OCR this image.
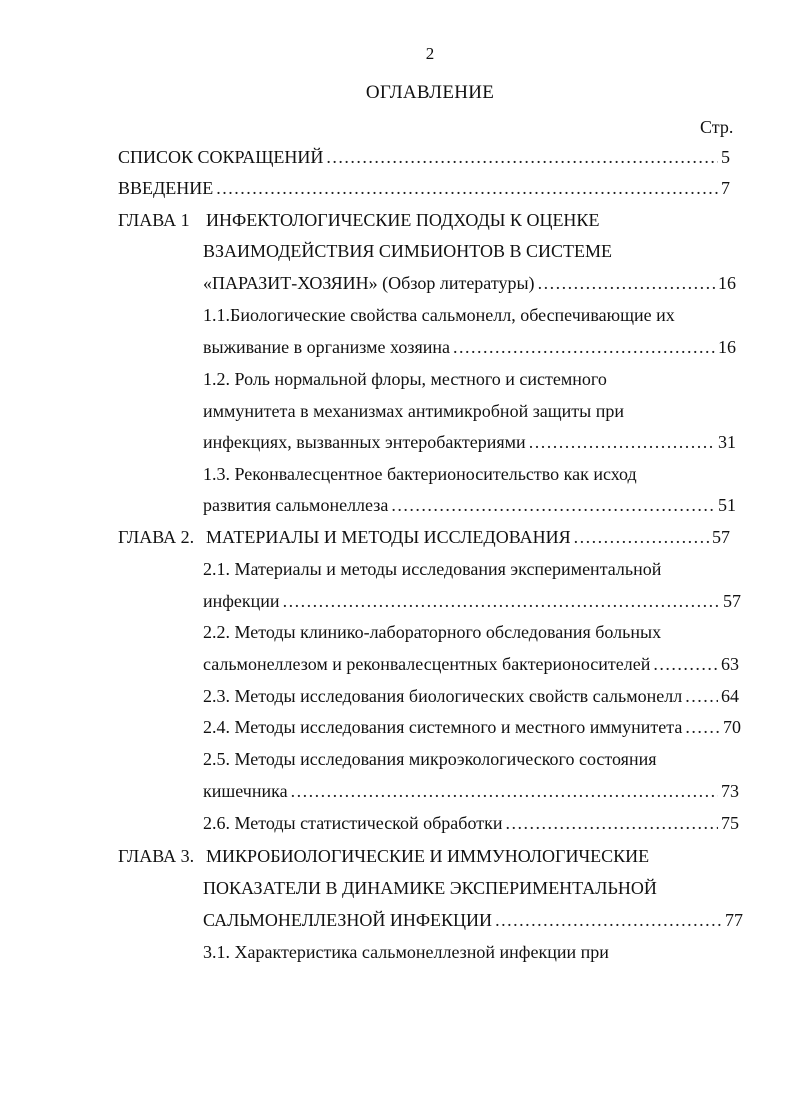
2
ОГЛАВЛЕНИЕ
Стр.
СПИСОК СОКРАЩЕНИЙ .....	5
ВВЕДЕНИЕ .....	7
ГЛАВА 1 ИНФЕКТОЛОГИЧЕСКИЕ ПОДХОДЫ К ОЦЕНКЕ
ВЗАИМОДЕЙСТВИЯ СИМБИОНТОВ В СИСТЕМЕ
«ПАРАЗИТ-ХОЗЯИН» (Обзор литературы) .....	16
1.1.Биологические свойства сальмонелл, обеспечивающие их
выживание в организме хозяина .....	16
1.2. Роль нормальной флоры, местного и системного
иммунитета в механизмах антимикробной защиты при
инфекциях, вызванных энтеробактериями .....	31
1.3. Реконвалесцентное бактерионосительство как исход
развития сальмонеллеза .....	51
ГЛАВА 2. МАТЕРИАЛЫ И МЕТОДЫ ИССЛЕДОВАНИЯ .....	57
2.1. Материалы и методы исследования экспериментальной
инфекции .....	57
2.2. Методы клинико-лабораторного обследования больных
сальмонеллезом и реконвалесцентных бактерионосителей .....	63
2.3. Методы исследования биологических свойств сальмонелл ..... 64
2.4. Методы исследования системного и местного иммунитета ..... 70
2.5. Методы исследования микроэкологического состояния
кишечника .....	73
2.6. Методы статистической обработки .....	75
ГЛАВА 3. МИКРОБИОЛОГИЧЕСКИЕ И ИММУНОЛОГИЧЕСКИЕ
ПОКАЗАТЕЛИ В ДИНАМИКЕ ЭКСПЕРИМЕНТАЛЬНОЙ
САЛЬМОНЕЛЛЕЗНОЙ ИНФЕКЦИИ .....	77
3.1. Характеристика сальмонеллезной инфекции при
